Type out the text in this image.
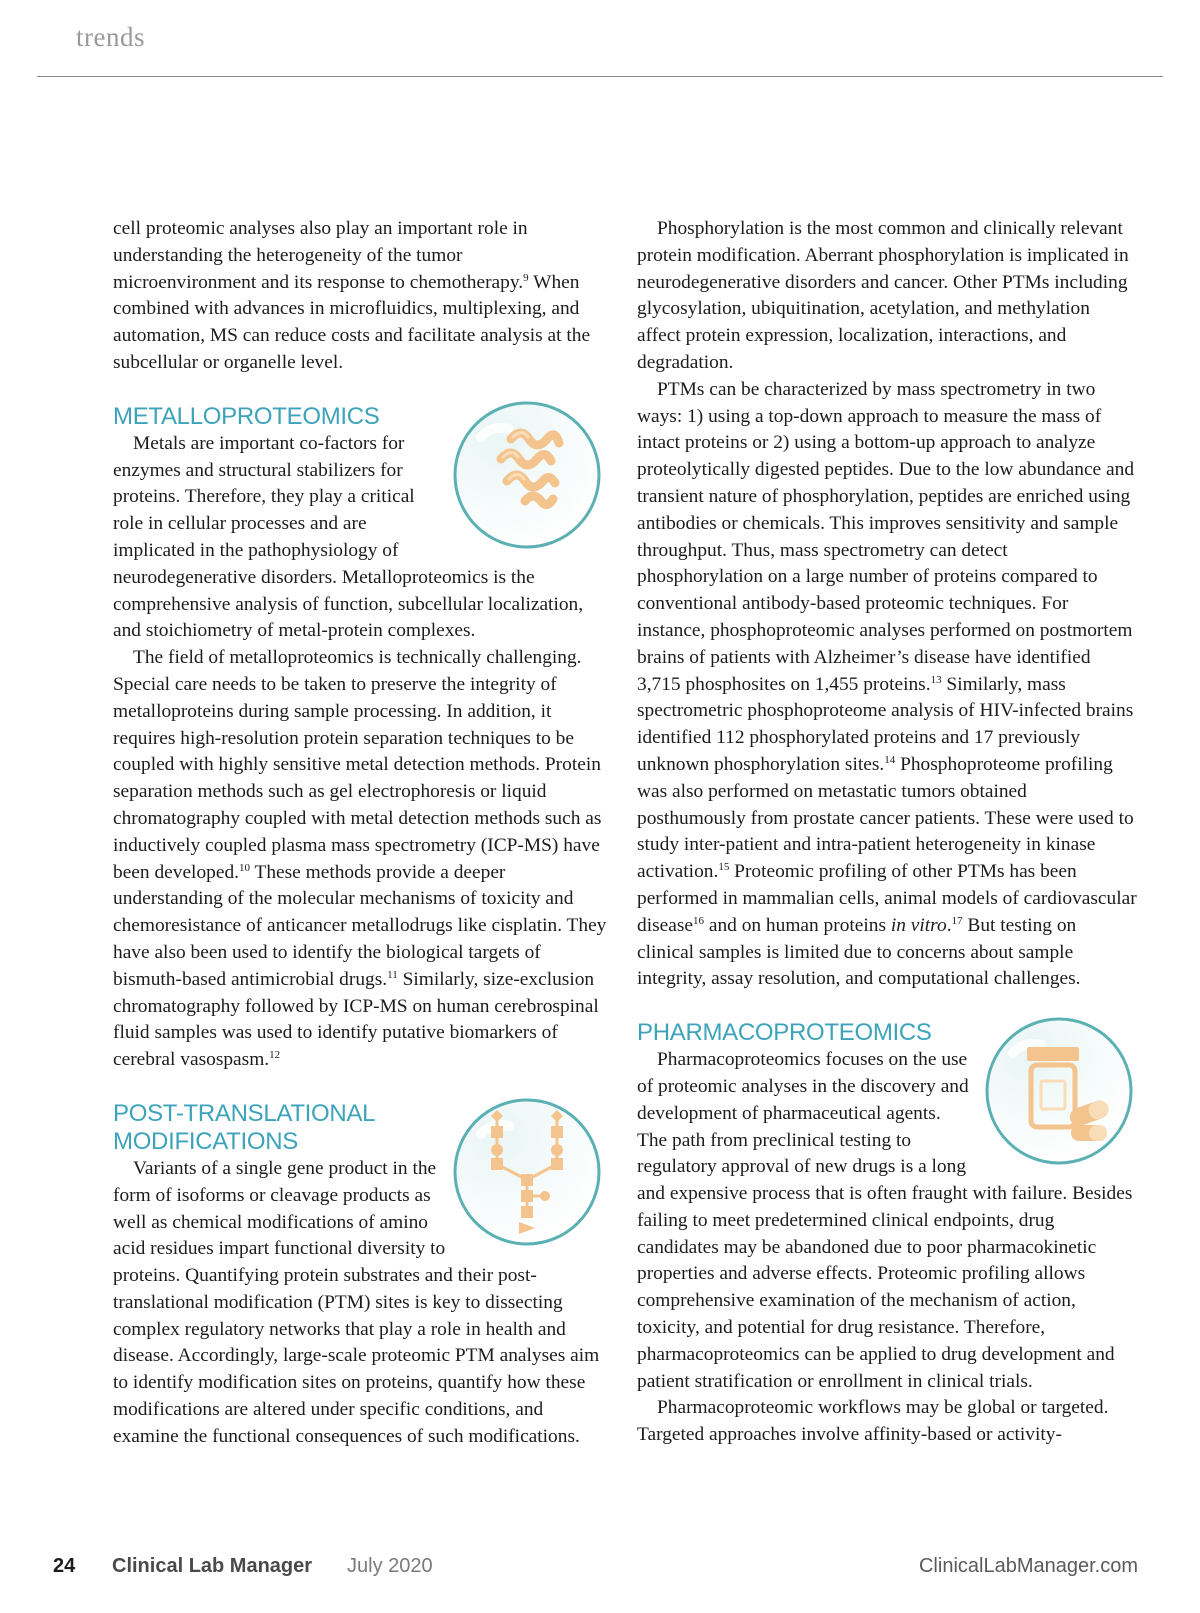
trends

cell proteomic analyses also play an important role in understanding the heterogeneity of the tumor microenvironment and its response to chemotherapy.$^9$ When combined with advances in microfluidics, multiplexing, and automation, MS can reduce costs and facilitate analysis at the subcellular or organelle level.

METALLOPROTEOMICS

Metals are important co-factors for enzymes and structural stabilizers for proteins. Therefore, they play a critical role in cellular processes and are implicated in the pathophysiology of neurodegenerative disorders. Metalloproteomics is the comprehensive analysis of function, subcellular localization, and stoichiometry of metal-protein complexes.

The field of metalloproteomics is technically challenging. Special care needs to be taken to preserve the integrity of metalloproteins during sample processing. In addition, it requires high-resolution protein separation techniques to be coupled with highly sensitive metal detection methods. Protein separation methods such as gel electrophoresis or liquid chromatography coupled with metal detection methods such as inductively coupled plasma mass spectrometry (ICP-MS) have been developed.$^{10}$ These methods provide a deeper understanding of the molecular mechanisms of toxicity and chemoresistance of anticancer metallodrugs like cisplatin. They have also been used to identify the biological targets of bismuth-based antimicrobial drugs.$^{11}$ Similarly, size-exclusion chromatography followed by ICP-MS on human cerebrospinal fluid samples was used to identify putative biomarkers of cerebral vasospasm.$^{12}$

POST-TRANSLATIONAL
MODIFICATIONS

Variants of a single gene product in the form of isoforms or cleavage products as well as chemical modifications of amino acid residues impart functional diversity to proteins. Quantifying protein substrates and their post-translational modification (PTM) sites is key to dissecting complex regulatory networks that play a role in health and disease. Accordingly, large-scale proteomic PTM analyses aim to identify modification sites on proteins, quantify how these modifications are altered under specific conditions, and examine the functional consequences of such modifications.

Phosphorylation is the most common and clinically relevant protein modification. Aberrant phosphorylation is implicated in neurodegenerative disorders and cancer. Other PTMs including glycosylation, ubiquitination, acetylation, and methylation affect protein expression, localization, interactions, and degradation.

PTMs can be characterized by mass spectrometry in two ways: 1) using a top-down approach to measure the mass of intact proteins or 2) using a bottom-up approach to analyze proteolytically digested peptides. Due to the low abundance and transient nature of phosphorylation, peptides are enriched using antibodies or chemicals. This improves sensitivity and sample throughput. Thus, mass spectrometry can detect phosphorylation on a large number of proteins compared to conventional antibody-based proteomic techniques. For instance, phosphoproteomic analyses performed on postmortem brains of patients with Alzheimer’s disease have identified 3,715 phosphosites on 1,455 proteins.$^{13}$ Similarly, mass spectrometric phosphoproteome analysis of HIV-infected brains identified 112 phosphorylated proteins and 17 previously unknown phosphorylation sites.$^{14}$ Phosphoproteome profiling was also performed on metastatic tumors obtained posthumously from prostate cancer patients. These were used to study inter-patient and intra-patient heterogeneity in kinase activation.$^{15}$ Proteomic profiling of other PTMs has been performed in mammalian cells, animal models of cardiovascular disease$^{16}$ and on human proteins in vitro.$^{17}$ But testing on clinical samples is limited due to concerns about sample integrity, assay resolution, and computational challenges.

PHARMACOPROTEOMICS

Pharmacoproteomics focuses on the use of proteomic analyses in the discovery and development of pharmaceutical agents. The path from preclinical testing to regulatory approval of new drugs is a long and expensive process that is often fraught with failure. Besides failing to meet predetermined clinical endpoints, drug candidates may be abandoned due to poor pharmacokinetic properties and adverse effects. Proteomic profiling allows comprehensive examination of the mechanism of action, toxicity, and potential for drug resistance. Therefore, pharmacoproteomics can be applied to drug development and patient stratification or enrollment in clinical trials.

Pharmacoproteomic workflows may be global or targeted. Targeted approaches involve affinity-based or activity-

24 Clinical Lab Manager July 2020	ClinicalLabManager.com
